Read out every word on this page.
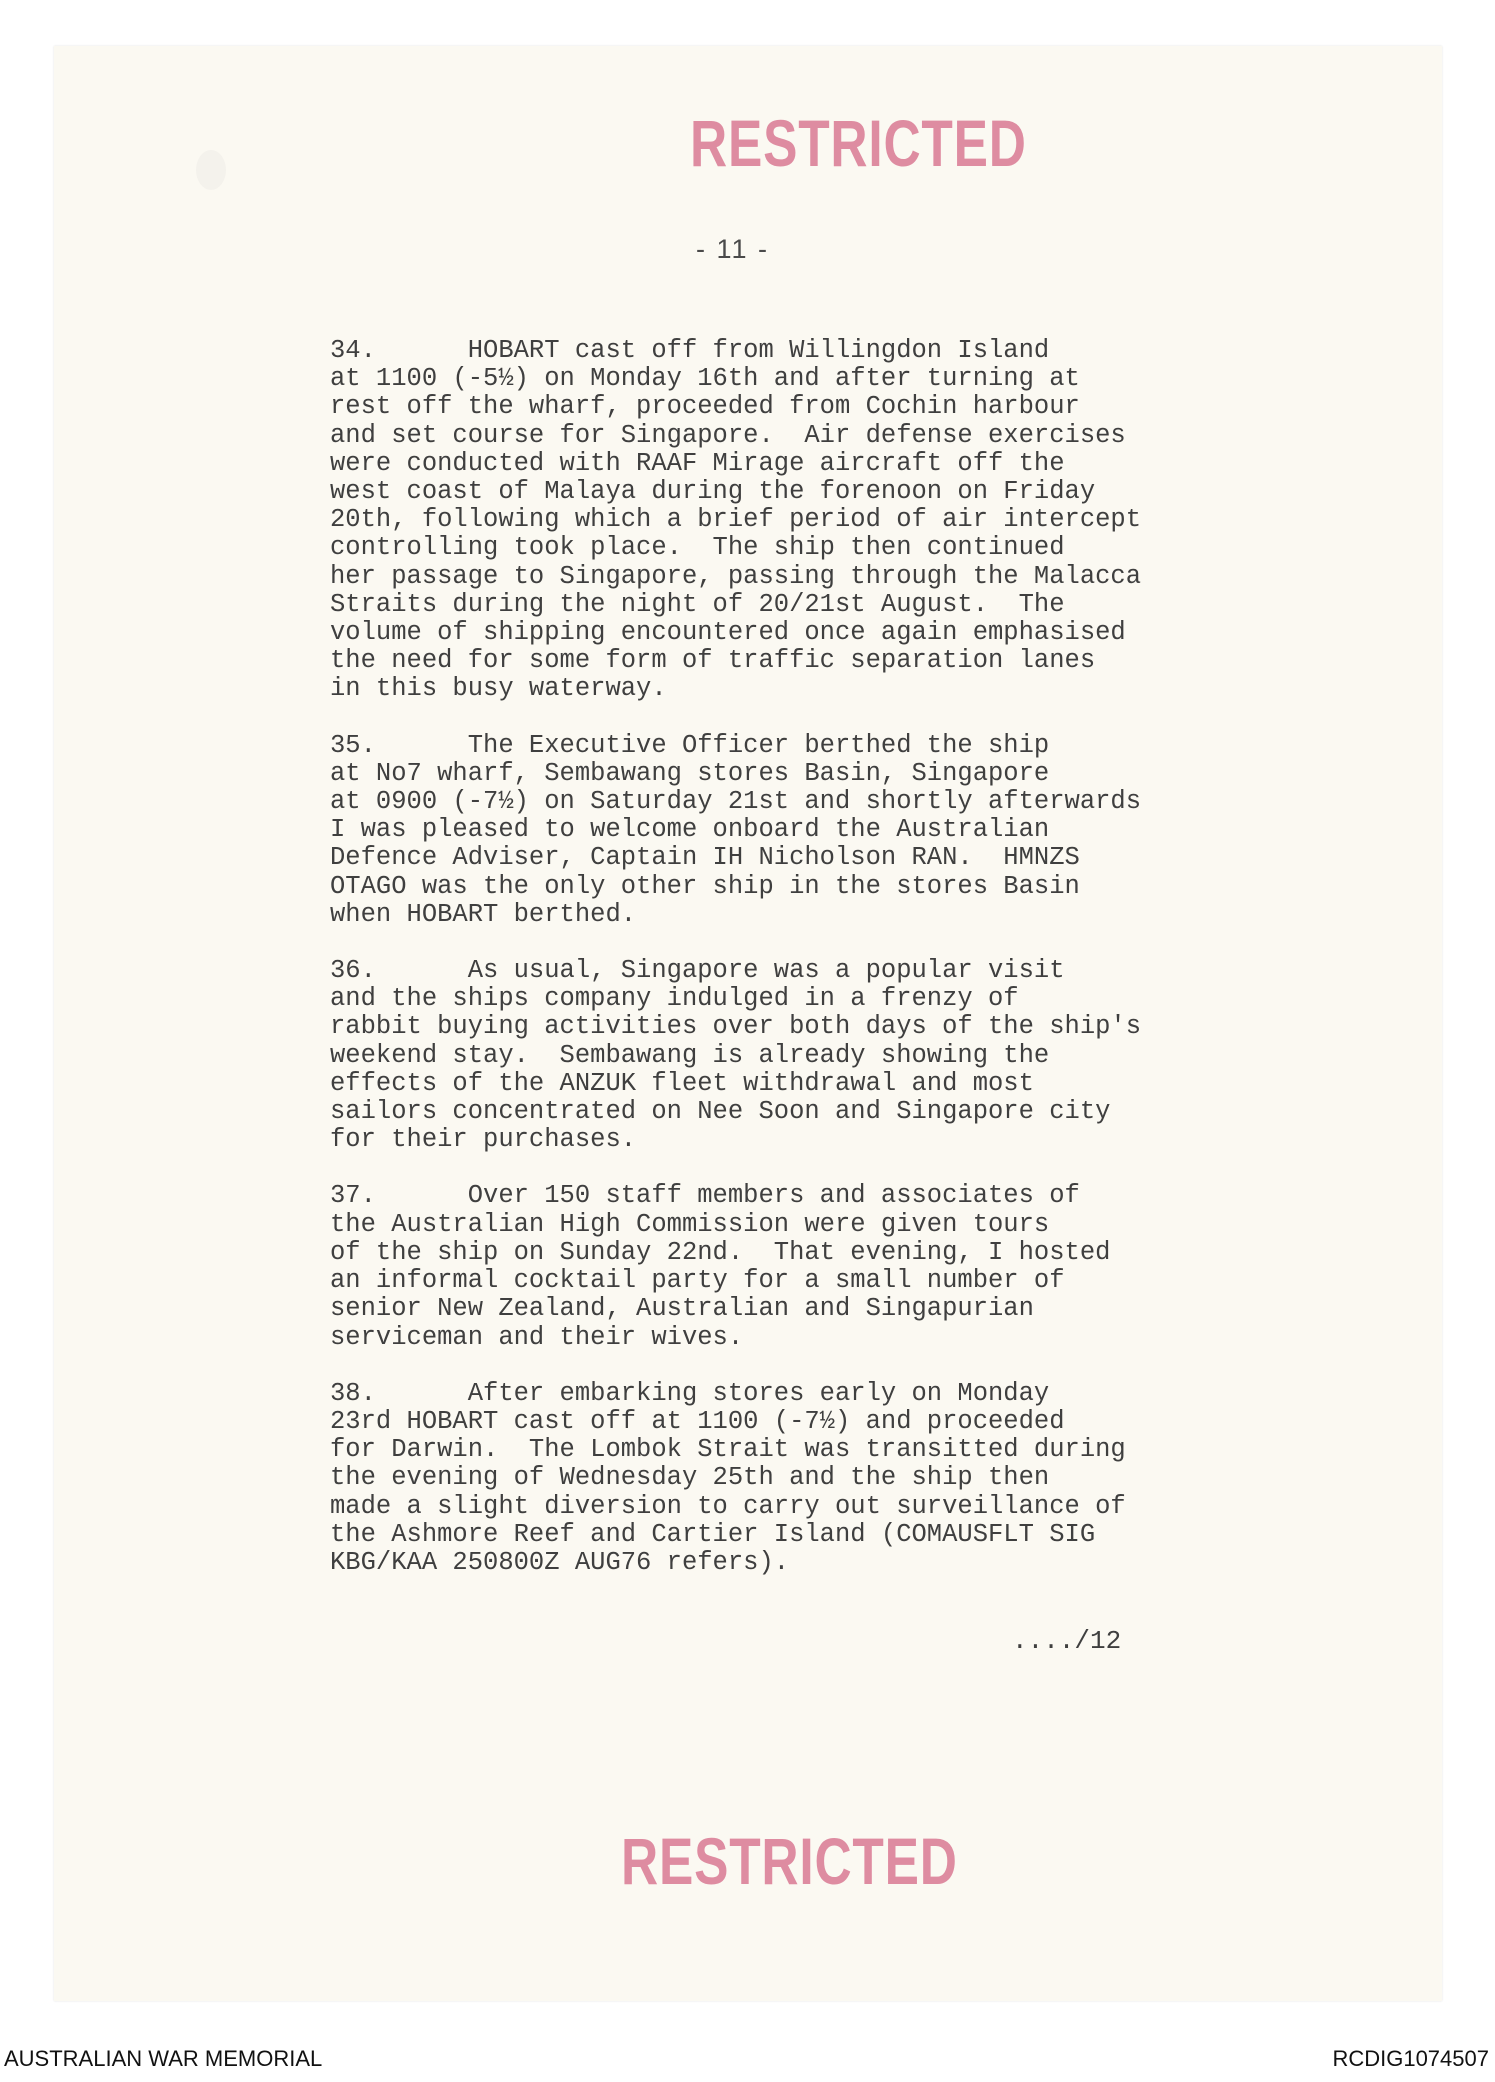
RESTRICTED
- 11 -
34.      HOBART cast off from Willingdon Island
at 1100 (-5½) on Monday 16th and after turning at
rest off the wharf, proceeded from Cochin harbour
and set course for Singapore.  Air defense exercises
were conducted with RAAF Mirage aircraft off the
west coast of Malaya during the forenoon on Friday
20th, following which a brief period of air intercept
controlling took place.  The ship then continued
her passage to Singapore, passing through the Malacca
Straits during the night of 20/21st August.  The
volume of shipping encountered once again emphasised
the need for some form of traffic separation lanes
in this busy waterway.
35.      The Executive Officer berthed the ship
at No7 wharf, Sembawang stores Basin, Singapore
at 0900 (-7½) on Saturday 21st and shortly afterwards
I was pleased to welcome onboard the Australian
Defence Adviser, Captain IH Nicholson RAN.  HMNZS
OTAGO was the only other ship in the stores Basin
when HOBART berthed.
36.      As usual, Singapore was a popular visit
and the ships company indulged in a frenzy of
rabbit buying activities over both days of the ship's
weekend stay.  Sembawang is already showing the
effects of the ANZUK fleet withdrawal and most
sailors concentrated on Nee Soon and Singapore city
for their purchases.
37.      Over 150 staff members and associates of
the Australian High Commission were given tours
of the ship on Sunday 22nd.  That evening, I hosted
an informal cocktail party for a small number of
senior New Zealand, Australian and Singapurian
serviceman and their wives.
38.      After embarking stores early on Monday
23rd HOBART cast off at 1100 (-7½) and proceeded
for Darwin.  The Lombok Strait was transitted during
the evening of Wednesday 25th and the ship then
made a slight diversion to carry out surveillance of
the Ashmore Reef and Cartier Island (COMAUSFLT SIG
KBG/KAA 250800Z AUG76 refers).
..../12
RESTRICTED
AUSTRALIAN WAR MEMORIAL	RCDIG1074507
